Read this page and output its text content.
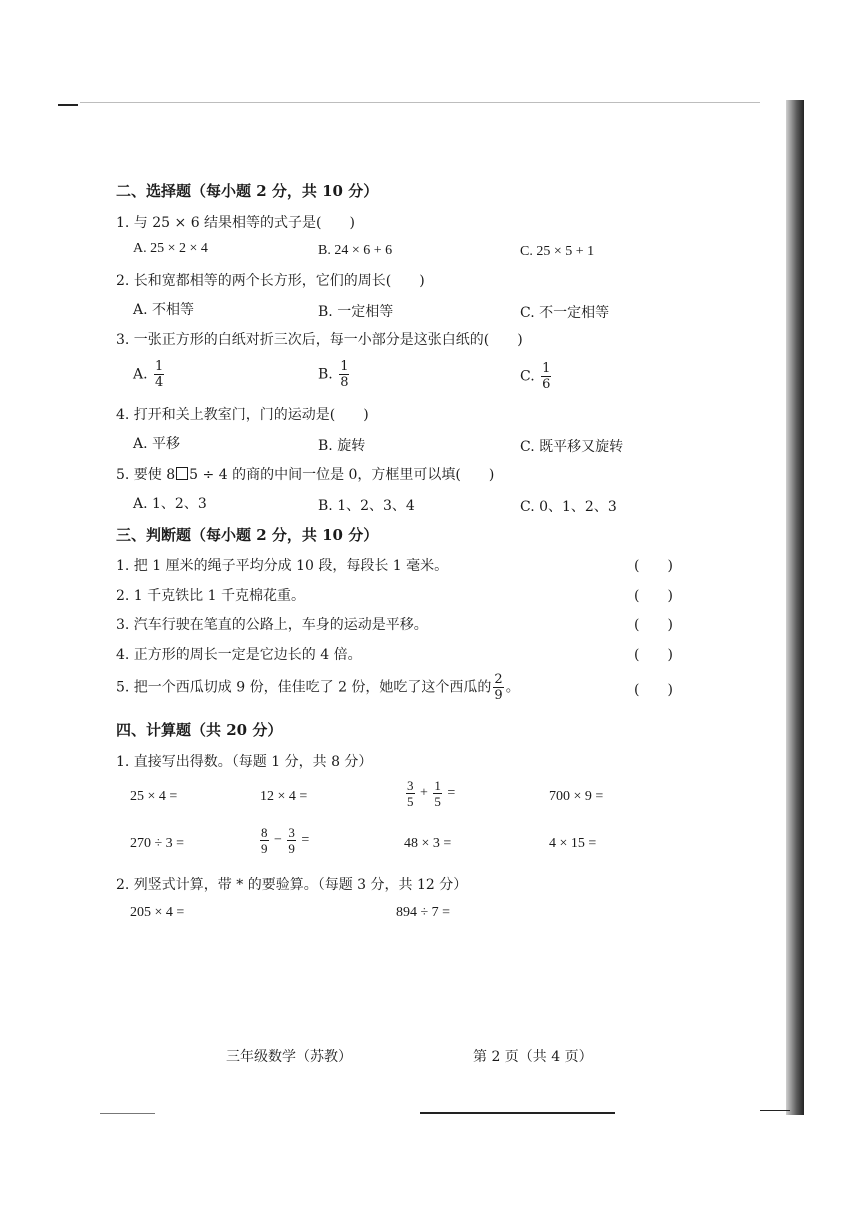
二、选择题（每小题 2 分，共 10 分）
1. 与 25 × 6 结果相等的式子是(　　)
A. 25 × 2 × 4	B. 24 × 6 + 6	C. 25 × 5 + 1
2. 长和宽都相等的两个长方形，它们的周长(　　)
A. 不相等	B. 一定相等	C. 不一定相等
3. 一张正方形的白纸对折三次后，每一小部分是这张白纸的(　　)
A. $\frac{1}{4}$	B. $\frac{1}{8}$	C. $\frac{1}{6}$
4. 打开和关上教室门，门的运动是(　　)
A. 平移	B. 旋转	C. 既平移又旋转
5. 要使 8 5 ÷ 4 的商的中间一位是 0，方框里可以填(　　)
A. 1、2、3	B. 1、2、3、4	C. 0、1、2、3
三、判断题（每小题 2 分，共 10 分）
1. 把 1 厘米的绳子平均分成 10 段，每段长 1 毫米。	(　　)
2. 1 千克铁比 1 千克棉花重。	(　　)
3. 汽车行驶在笔直的公路上，车身的运动是平移。	(　　)
4. 正方形的周长一定是它边长的 4 倍。	(　　)
5. 把一个西瓜切成 9 份，佳佳吃了 2 份，她吃了这个西瓜的 $\frac{2}{9}$ 。	(　　)
四、计算题（共 20 分）
1. 直接写出得数。（每题 1 分，共 8 分）
25 × 4 =	12 × 4 =	$\frac{3}{5} + \frac{1}{5}$ =	700 × 9 =
270 ÷ 3 =	$\frac{8}{9} - \frac{3}{9}$ =	48 × 3 =	4 × 15 =
2. 列竖式计算，带 * 的要验算。（每题 3 分，共 12 分）
205 × 4 =	894 ÷ 7 =
三年级数学（苏教）	第 2 页（共 4 页）
